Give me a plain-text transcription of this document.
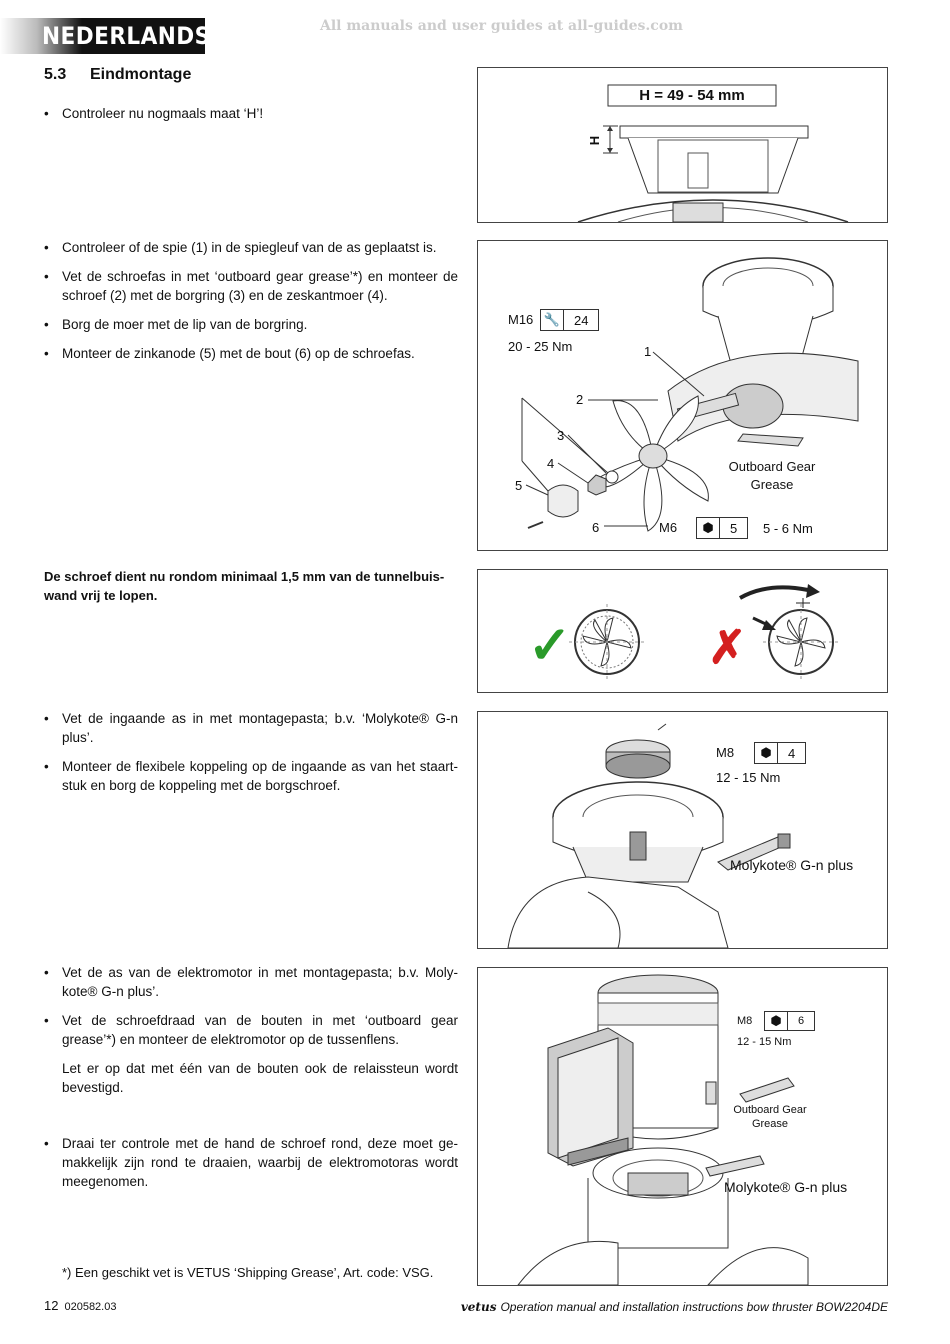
NEDERLANDS	All manuals and user guides at all-guides.com
5.3 Eindmontage
• Controleer nu nogmaals maat ‘H’!
• Controleer of de spie (1) in de spiegleuf van de as geplaatst is.
• Vet de schroefas in met ‘outboard gear grease’*) en monteer de schroef (2) met de borgring (3) en de zeskantmoer (4).
• Borg de moer met de lip van de borgring.
• Monteer de zinkanode (5) met de bout (6) op de schroefas.
De schroef dient nu rondom minimaal 1,5 mm van de tunnelbuis-wand vrij te lopen.
• Vet de ingaande as in met montagepasta; b.v. ‘Molykote® G-n plus’.
• Monteer de flexibele koppeling op de ingaande as van het staart-stuk en borg de koppeling met de borgschroef.
• Vet de as van de elektromotor in met montagepasta; b.v. Moly-kote® G-n plus’.
• Vet de schroefdraad van de bouten in met ‘outboard gear grease’*) en monteer de elektromotor op de tussenflens.
Let er op dat met één van de bouten ook de relaissteun wordt bevestigd.
• Draai ter controle met de hand de schroef rond, deze moet ge-makkelijk zijn rond te draaien, waarbij de elektromotoras wordt meegenomen.
H = 49 - 54 mm
H
M16 🔧	24
20 - 25 Nm	1
2
3
4
5
6
Outboard Gear Grease
M6	⬢	5	5 - 6 Nm
✓	✗
M8	⬢	4
12 - 15 Nm
Molykote® G-n plus
M8	⬢	6
12 - 15 Nm
Outboard Gear Grease
Molykote® G-n plus
*) Een geschikt vet is VETUS ‘Shipping Grease’, Art. code: VSG.
12 020582.03	vetus Operation manual and installation instructions bow thruster BOW2204DE
